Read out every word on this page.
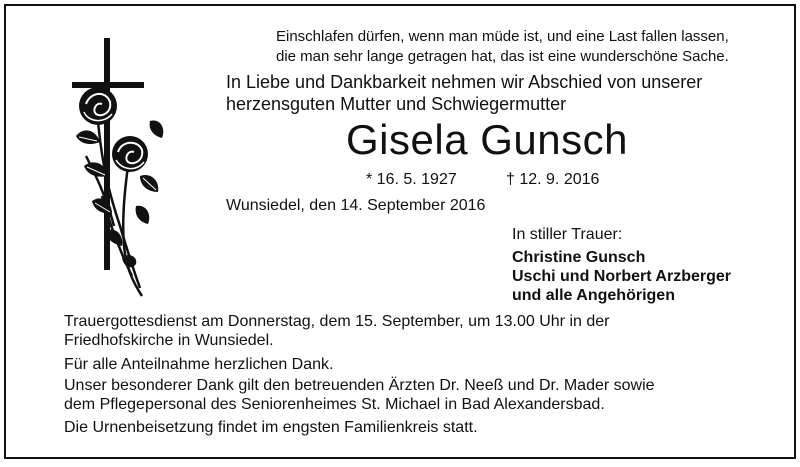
Einschlafen dürfen, wenn man müde ist, und eine Last fallen lassen,
die man sehr lange getragen hat, das ist eine wunderschöne Sache.
In Liebe und Dankbarkeit nehmen wir Abschied von unserer
herzensguten Mutter und Schwiegermutter
Gisela Gunsch
* 16. 5. 1927	† 12. 9. 2016
Wunsiedel, den 14. September 2016
In stiller Trauer:
Christine Gunsch
Uschi und Norbert Arzberger
und alle Angehörigen
Trauergottesdienst am Donnerstag, dem 15. September, um 13.00 Uhr in der
Friedhofskirche in Wunsiedel.
Für alle Anteilnahme herzlichen Dank.
Unser besonderer Dank gilt den betreuenden Ärzten Dr. Neeß und Dr. Mader sowie
dem Pflegepersonal des Seniorenheimes St. Michael in Bad Alexandersbad.
Die Urnenbeisetzung findet im engsten Familienkreis statt.
